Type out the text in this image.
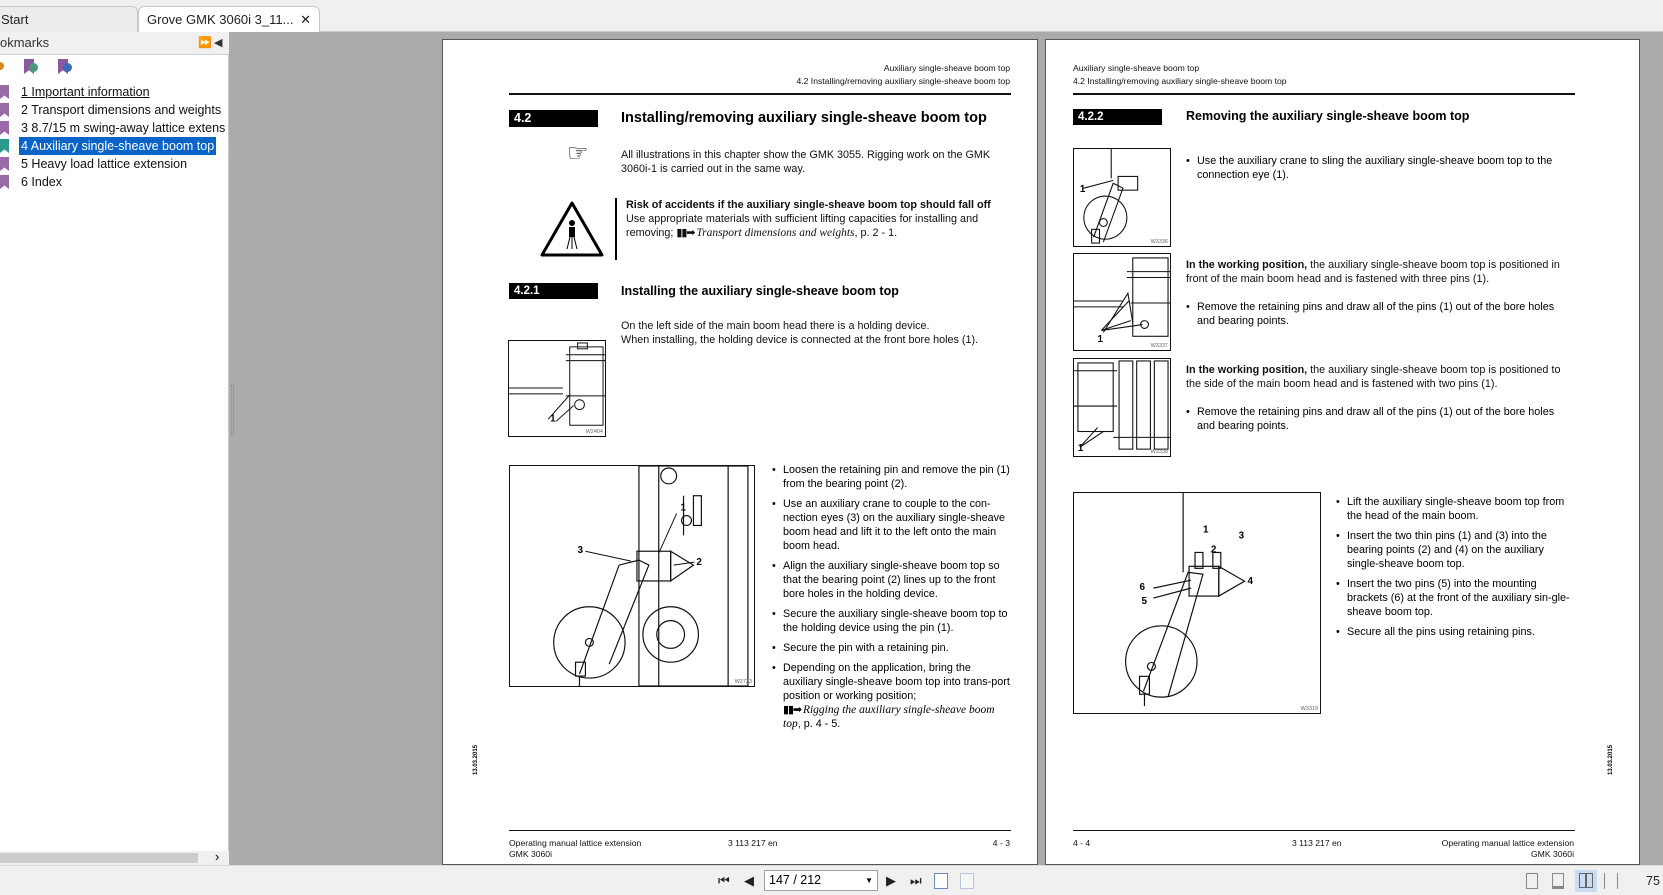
Start	Grove GMK 3060i 3_11... ✕
okmarks	⏩ ◀
1 Important information
2 Transport dimensions and weights
3 8.7/15 m swing-away lattice extens
4 Auxiliary single-sheave boom top
5 Heavy load lattice extension
6 Index
›
Auxiliary single-sheave boom top
4.2 Installing/removing auxiliary single-sheave boom top
4.2	Installing/removing auxiliary single-sheave boom top
☞	All illustrations in this chapter show the GMK 3055. Rigging work on the GMK 3060i-1 is carried out in the same way.
Risk of accidents if the auxiliary single-sheave boom top should fall off
Use appropriate materials with sufficient lifting capacities for installing and removing; ▮▮➡ Transport dimensions and weights, p. 2 - 1.
4.2.1	Installing the auxiliary single-sheave boom top
1
W2404
On the left side of the main boom head there is a holding device.
When installing, the holding device is connected at the front bore holes (1).
1
2
3
W2723
• Loosen the retaining pin and remove the pin (1) from the bearing point (2).
• Use an auxiliary crane to couple to the con-nection eyes (3) on the auxiliary single-sheave boom head and lift it to the left onto the main boom head.
• Align the auxiliary single-sheave boom top so that the bearing point (2) lines up to the front bore holes in the holding device.
• Secure the auxiliary single-sheave boom top to the holding device using the pin (1).
• Secure the pin with a retaining pin.
• Depending on the application, bring the auxiliary single-sheave boom top into trans-port position or working position;
▮▮➡ Rigging the auxiliary single-sheave boom top, p. 4 - 5.
13.03.2015
Operating manual lattice extension
GMK 3060i
3 113 217 en	4 - 3
Auxiliary single-sheave boom top
4.2 Installing/removing auxiliary single-sheave boom top
4.2.2	Removing the auxiliary single-sheave boom top
1
W3336
1
W3337
1	W3338
• Use the auxiliary crane to sling the auxiliary single-sheave boom top to the connection eye (1).
In the working position, the auxiliary single-sheave boom top is positioned in front of the main boom head and is fastened with three pins (1).
• Remove the retaining pins and draw all of the pins (1) out of the bore holes and bearing points.
In the working position, the auxiliary single-sheave boom top is positioned to the side of the main boom head and is fastened with two pins (1).
• Remove the retaining pins and draw all of the pins (1) out of the bore holes and bearing points.
1
2
3
4
5
6
W3319
• Lift the auxiliary single-sheave boom top from the head of the main boom.
• Insert the two thin pins (1) and (3) into the bearing points (2) and (4) on the auxiliary single-sheave boom top.
• Insert the two pins (5) into the mounting brackets (6) at the front of the auxiliary sin-gle-sheave boom top.
• Secure all the pins using retaining pins.
13.03.2015
4 - 4	3 113 217 en	Operating manual lattice extension
GMK 3060i
⏮ ◀	147 / 212	▼ ▶ ⏭	75
